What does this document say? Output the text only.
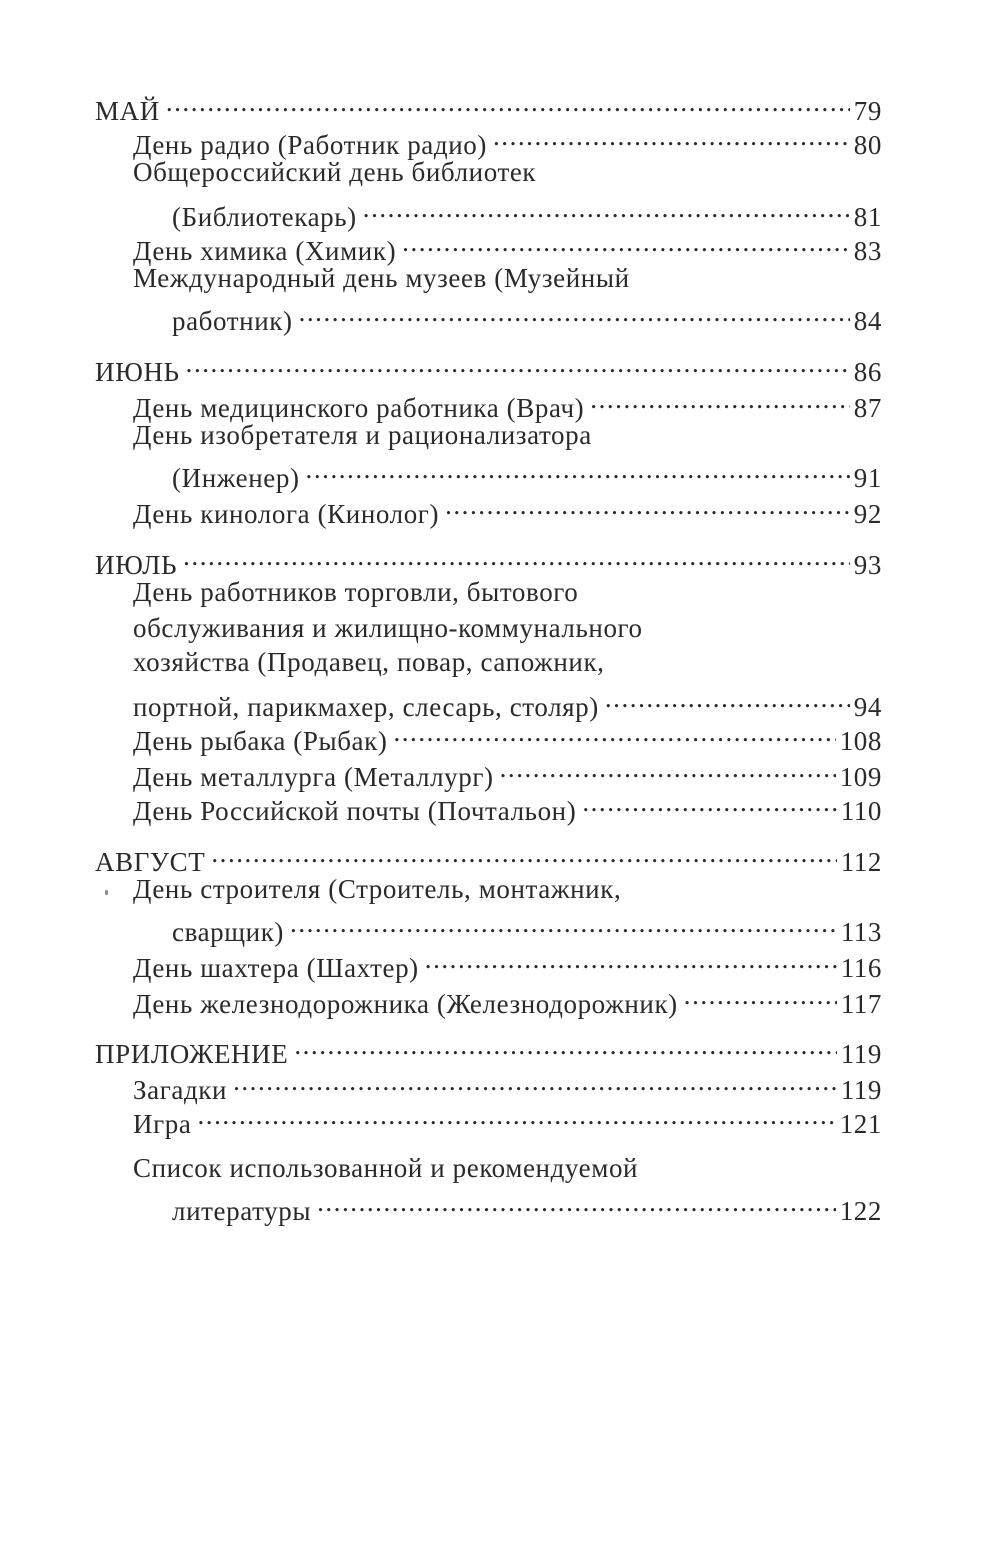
МАЙ . . .	79
День радио (Работник радио) . . .	80
Общероссийский день библиотек
(Библиотекарь) . . .	81
День химика (Химик) . . .	83
Международный день музеев (Музейный
работник) . . .	84
ИЮНЬ . . .	86
День медицинского работника (Врач) . . .	87
День изобретателя и рационализатора
(Инженер) . . .	91
День кинолога (Кинолог) . . .	92
ИЮЛЬ . . .	93
День работников торговли, бытового
обслуживания и жилищно-коммунального
хозяйства (Продавец, повар, сапожник,
портной, парикмахер, слесарь, столяр) . . .	94
День рыбака (Рыбак) . . .	108
День металлурга (Металлург) . . .	109
День Российской почты (Почтальон) . . .	110
АВГУСТ . . .	112
День строителя (Строитель, монтажник,
сварщик) . . .	113
День шахтера (Шахтер) . . .	116
День железнодорожника (Железнодорожник) . . .	117
ПРИЛОЖЕНИЕ . . .	119
Загадки . . .	119
Игра . . .	121
Список использованной и рекомендуемой
литературы . . .	122
